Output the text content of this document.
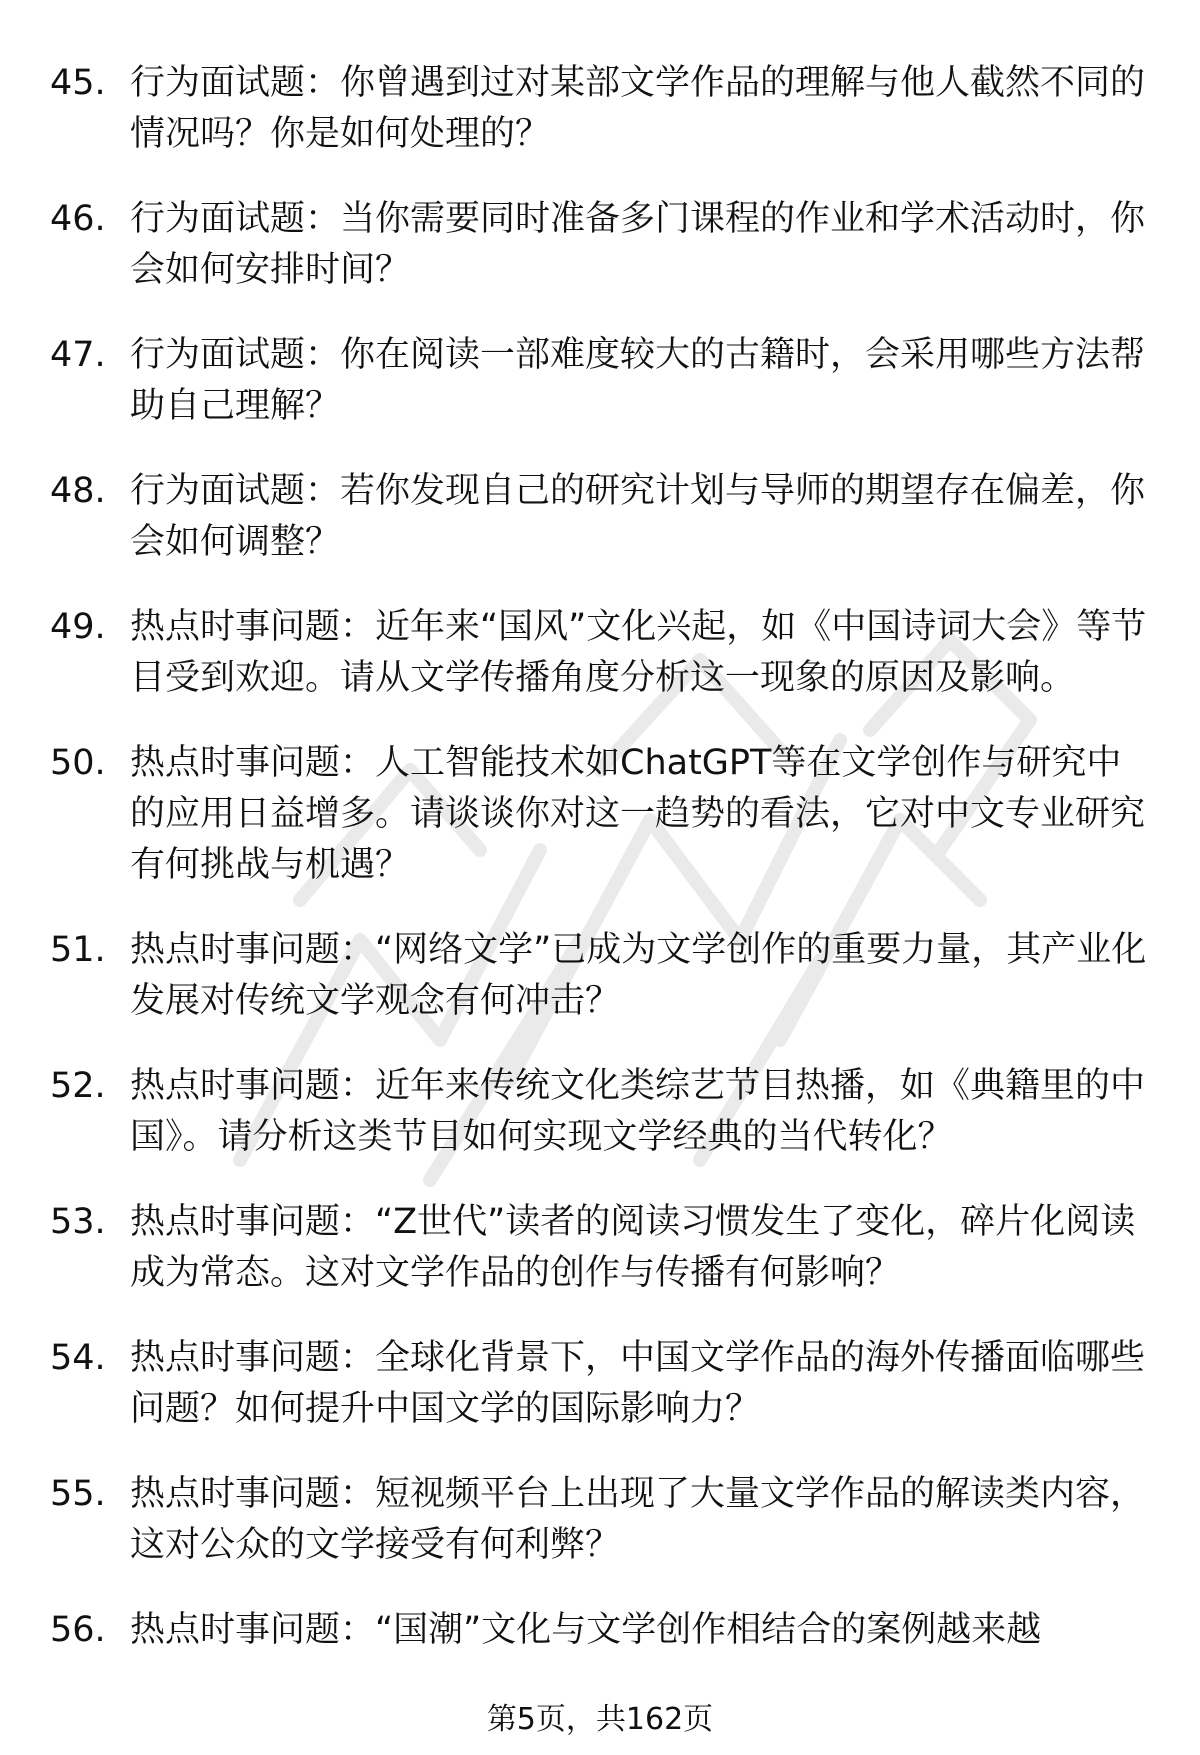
45. 行为面试题：你曾遇到过对某部文学作品的理解与他人截然不同的情况吗？你是如何处理的？
46. 行为面试题：当你需要同时准备多门课程的作业和学术活动时，你会如何安排时间？
47. 行为面试题：你在阅读一部难度较大的古籍时，会采用哪些方法帮助自己理解？
48. 行为面试题：若你发现自己的研究计划与导师的期望存在偏差，你会如何调整？
49. 热点时事问题：近年来“国风”文化兴起，如《中国诗词大会》等节目受到欢迎。请从文学传播角度分析这一现象的原因及影响。
50. 热点时事问题：人工智能技术如ChatGPT等在文学创作与研究中的应用日益增多。请谈谈你对这一趋势的看法，它对中文专业研究有何挑战与机遇？
51. 热点时事问题：“网络文学”已成为文学创作的重要力量，其产业化发展对传统文学观念有何冲击？
52. 热点时事问题：近年来传统文化类综艺节目热播，如《典籍里的中国》。请分析这类节目如何实现文学经典的当代转化？
53. 热点时事问题：“Z世代”读者的阅读习惯发生了变化，碎片化阅读成为常态。这对文学作品的创作与传播有何影响？
54. 热点时事问题：全球化背景下，中国文学作品的海外传播面临哪些问题？如何提升中国文学的国际影响力？
55. 热点时事问题：短视频平台上出现了大量文学作品的解读类内容，这对公众的文学接受有何利弊？
56. 热点时事问题：“国潮”文化与文学创作相结合的案例越来越
第5页，共162页
